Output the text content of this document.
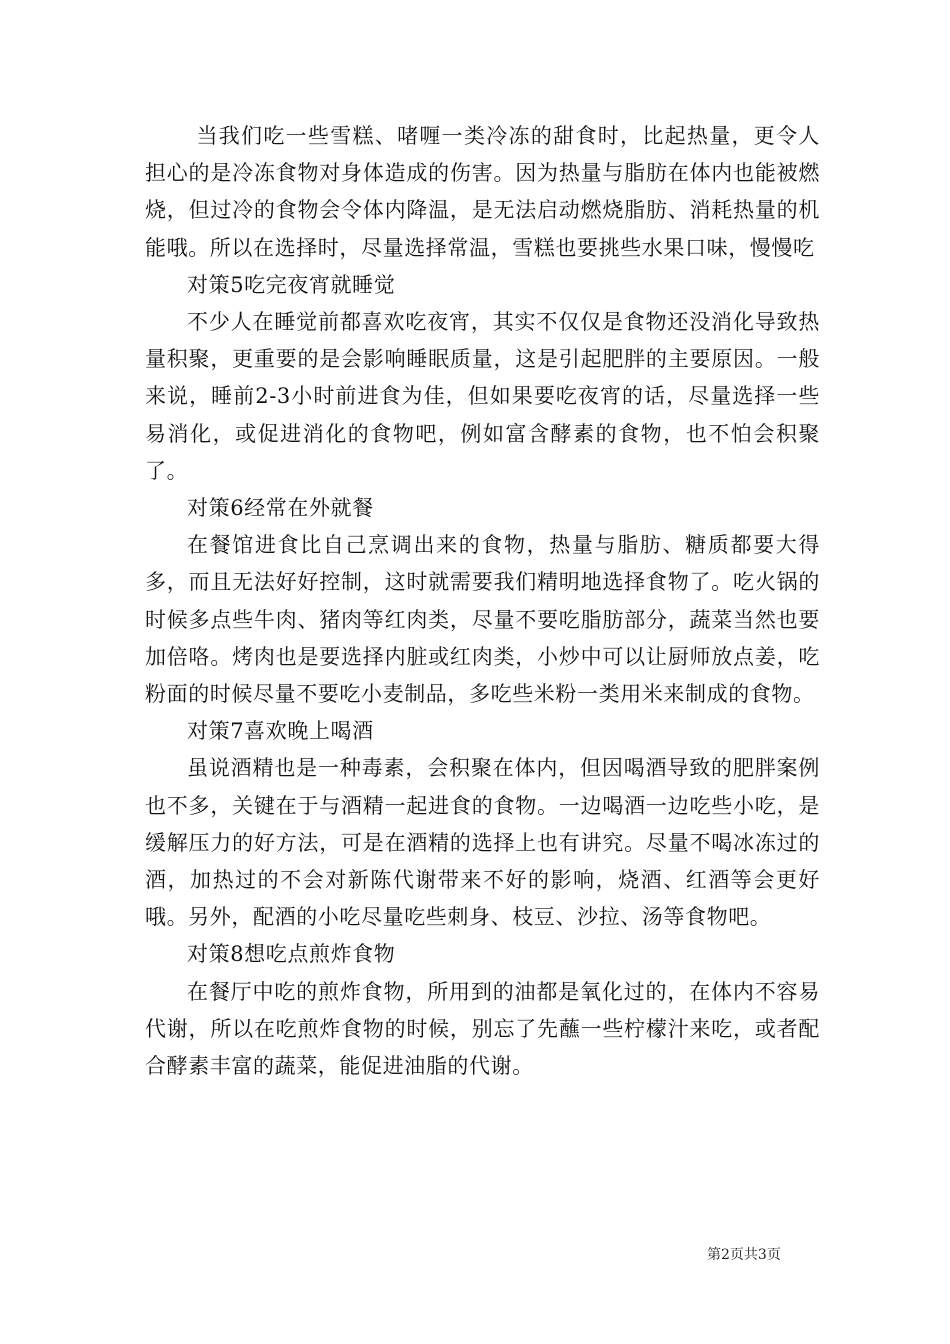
当我们吃一些雪糕、啫喱一类冷冻的甜食时，比起热量，更令人担心的是冷冻食物对身体造成的伤害。因为热量与脂肪在体内也能被燃烧，但过冷的食物会令体内降温，是无法启动燃烧脂肪、消耗热量的机能哦。所以在选择时，尽量选择常温，雪糕也要挑些水果口味，慢慢吃

对策5吃完夜宵就睡觉

不少人在睡觉前都喜欢吃夜宵，其实不仅仅是食物还没消化导致热量积聚，更重要的是会影响睡眠质量，这是引起肥胖的主要原因。一般来说，睡前2-3小时前进食为佳，但如果要吃夜宵的话，尽量选择一些易消化，或促进消化的食物吧，例如富含酵素的食物，也不怕会积聚了。

对策6经常在外就餐

在餐馆进食比自己烹调出来的食物，热量与脂肪、糖质都要大得多，而且无法好好控制，这时就需要我们精明地选择食物了。吃火锅的时候多点些牛肉、猪肉等红肉类，尽量不要吃脂肪部分，蔬菜当然也要加倍咯。烤肉也是要选择内脏或红肉类，小炒中可以让厨师放点姜，吃粉面的时候尽量不要吃小麦制品，多吃些米粉一类用米来制成的食物。

对策7喜欢晚上喝酒

虽说酒精也是一种毒素，会积聚在体内，但因喝酒导致的肥胖案例也不多，关键在于与酒精一起进食的食物。一边喝酒一边吃些小吃，是缓解压力的好方法，可是在酒精的选择上也有讲究。尽量不喝冰冻过的酒，加热过的不会对新陈代谢带来不好的影响，烧酒、红酒等会更好哦。另外，配酒的小吃尽量吃些刺身、枝豆、沙拉、汤等食物吧。

对策8想吃点煎炸食物

在餐厅中吃的煎炸食物，所用到的油都是氧化过的，在体内不容易代谢，所以在吃煎炸食物的时候，别忘了先蘸一些柠檬汁来吃，或者配合酵素丰富的蔬菜，能促进油脂的代谢。

第2页共3页
